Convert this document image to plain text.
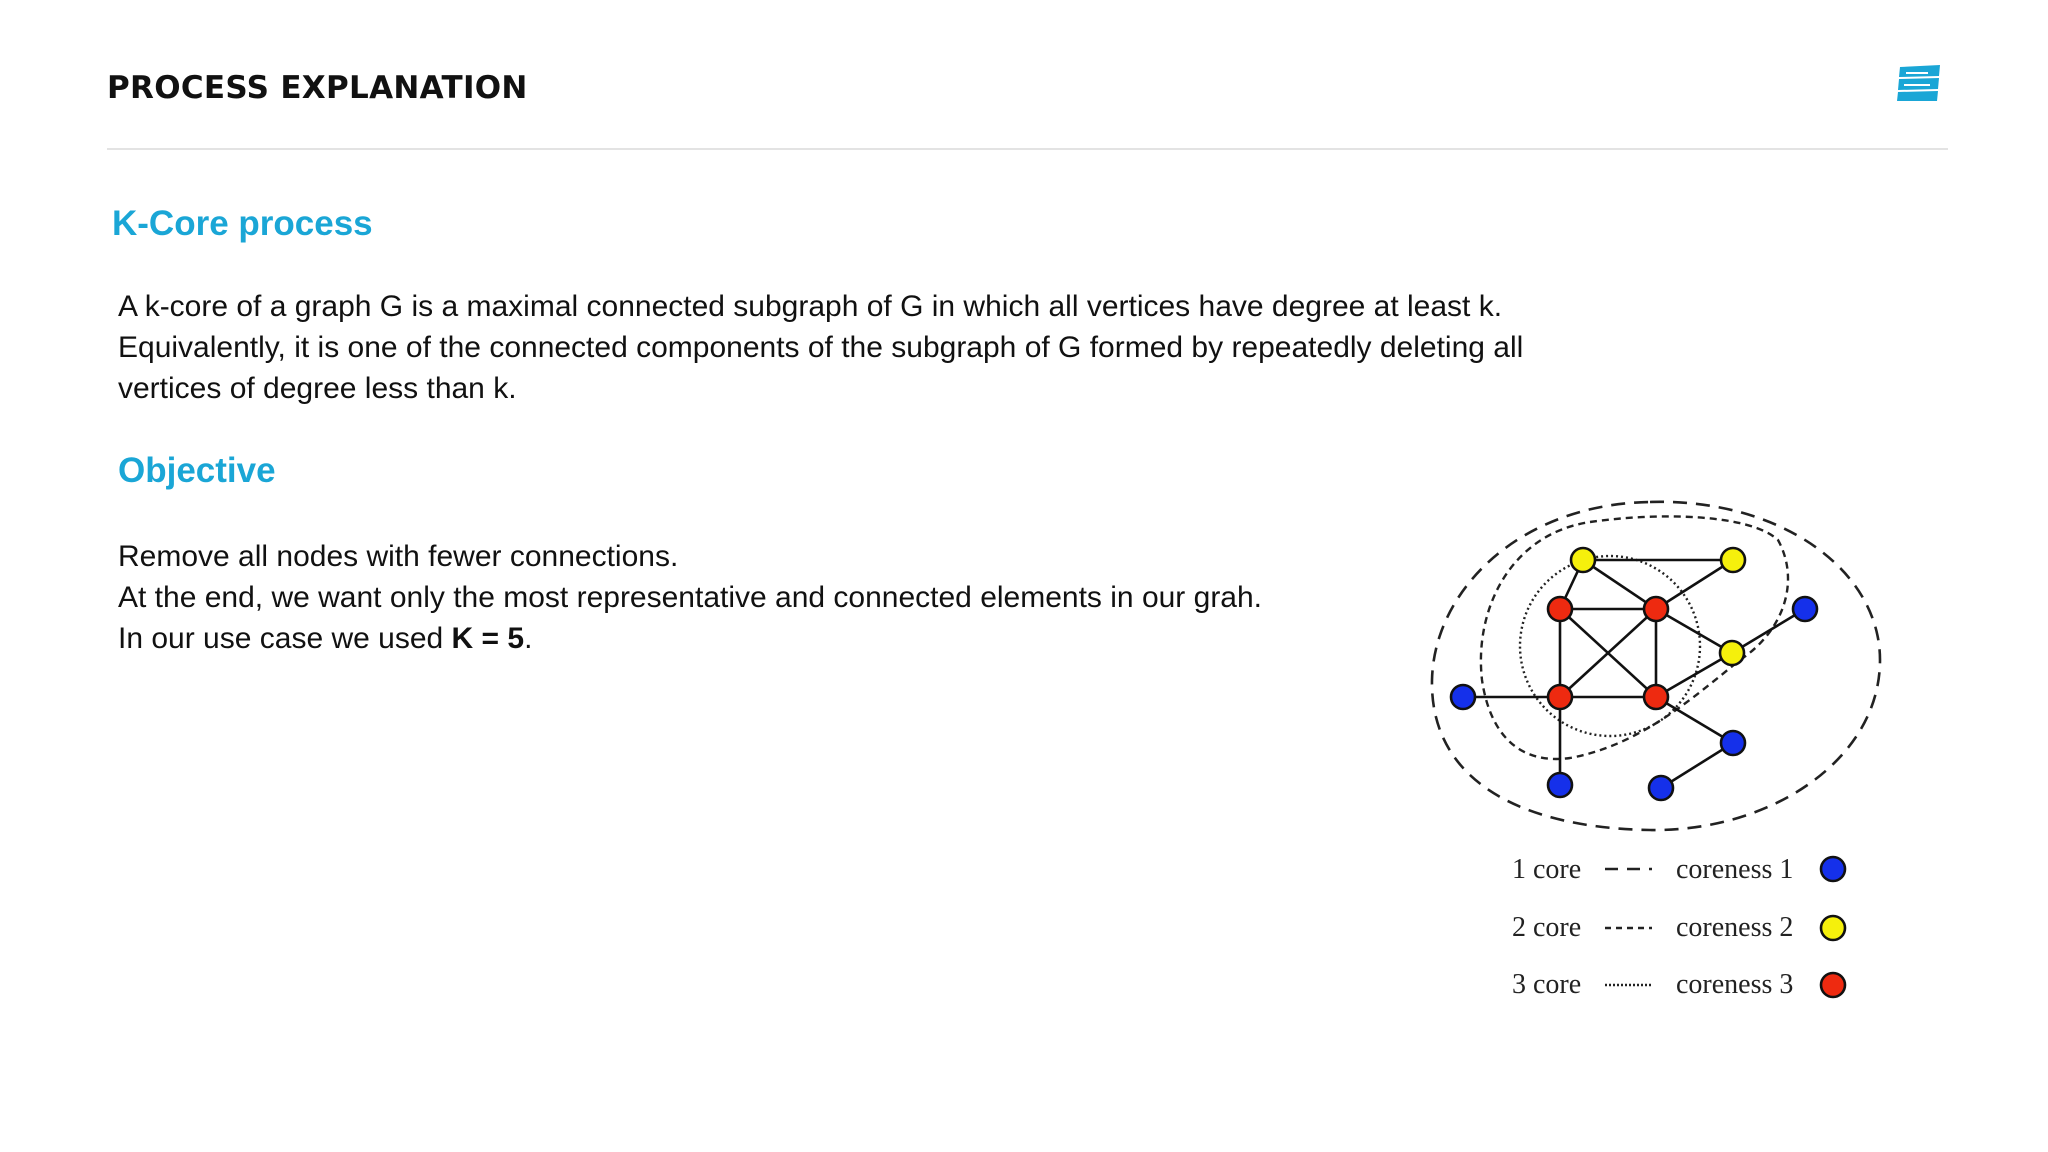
PROCESS EXPLANATION
K-Core process
A k-core of a graph G is a maximal connected subgraph of G in which all vertices have degree at least k.
Equivalently, it is one of the connected components of the subgraph of G formed by repeatedly deleting all
vertices of degree less than k.
Objective
Remove all nodes with fewer connections.
At the end, we want only the most representative and connected elements in our grah.
In our use case we used K = 5.
1 core	coreness 1
2 core	coreness 2
3 core	coreness 3
